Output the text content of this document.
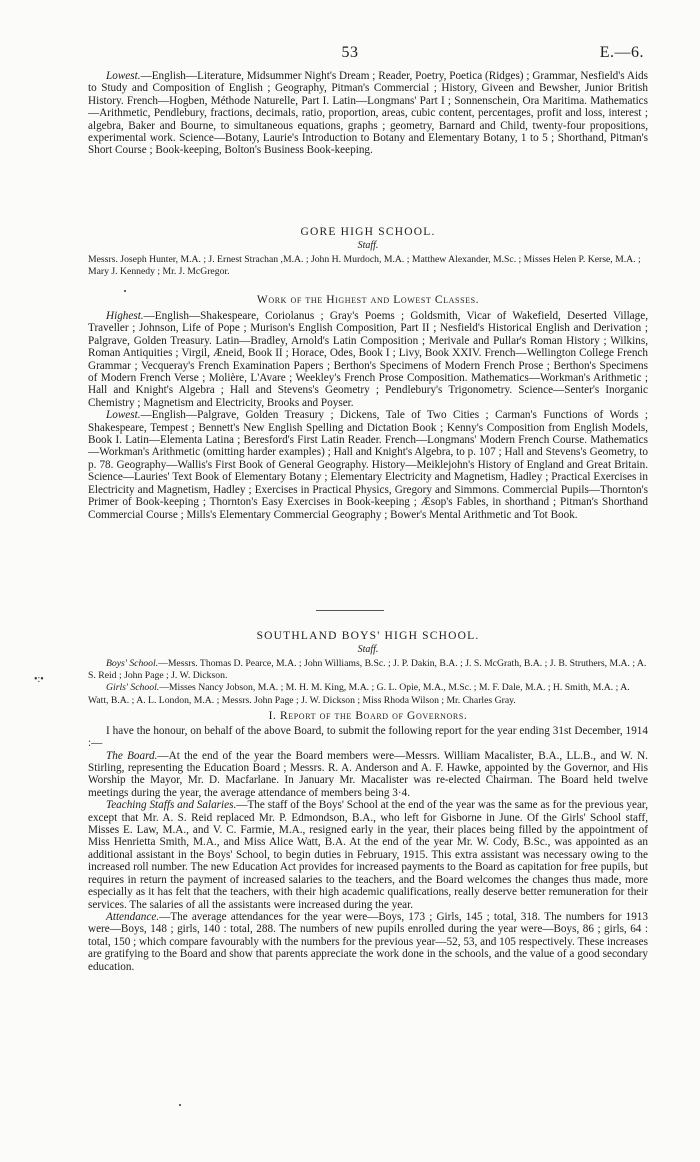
53	E.—6.

Lowest.—English—Literature, Midsummer Night's Dream ; Reader, Poetry, Poetica (Ridges) ; Grammar, Nesfield's Aids to Study and Composition of English ; Geography, Pitman's Commercial ; History, Giveen and Bewsher, Junior British History. French—Hogben, Méthode Naturelle, Part I. Latin—Longmans' Part I ; Sonnenschein, Ora Maritima. Mathematics—Arithmetic, Pendlebury, fractions, decimals, ratio, proportion, areas, cubic content, percentages, profit and loss, interest ; algebra, Baker and Bourne, to simultaneous equations, graphs ; geometry, Barnard and Child, twenty-four propositions, experimental work. Science—Botany, Laurie's Introduction to Botany and Elementary Botany, 1 to 5 ; Shorthand, Pitman's Short Course ; Book-keeping, Bolton's Business Book-keeping.

GORE HIGH SCHOOL.
Staff.

Messrs. Joseph Hunter, M.A. ; J. Ernest Strachan ,M.A. ; John H. Murdoch, M.A. ; Matthew Alexander, M.Sc. ; Misses Helen P. Kerse, M.A. ; Mary J. Kennedy ; Mr. J. McGregor.

Work of the Highest and Lowest Classes.

Highest.—English—Shakespeare, Coriolanus ; Gray's Poems ; Goldsmith, Vicar of Wakefield, Deserted Village, Traveller ; Johnson, Life of Pope ; Murison's English Composition, Part II ; Nesfield's Historical English and Derivation ; Palgrave, Golden Treasury. Latin—Bradley, Arnold's Latin Composition ; Merivale and Pullar's Roman History ; Wilkins, Roman Antiquities ; Virgil, Æneid, Book II ; Horace, Odes, Book I ; Livy, Book XXIV. French—Wellington College French Grammar ; Vecqueray's French Examination Papers ; Berthon's Specimens of Modern French Prose ; Berthon's Specimens of Modern French Verse ; Molière, L'Avare ; Weekley's French Prose Composition. Mathematics—Workman's Arithmetic ; Hall and Knight's Algebra ; Hall and Stevens's Geometry ; Pendlebury's Trigonometry. Science—Senter's Inorganic Chemistry ; Magnetism and Electricity, Brooks and Poyser.

Lowest.—English—Palgrave, Golden Treasury ; Dickens, Tale of Two Cities ; Carman's Functions of Words ; Shakespeare, Tempest ; Bennett's New English Spelling and Dictation Book ; Kenny's Composition from English Models, Book I. Latin—Elementa Latina ; Beresford's First Latin Reader. French—Longmans' Modern French Course. Mathematics—Workman's Arithmetic (omitting harder examples) ; Hall and Knight's Algebra, to p. 107 ; Hall and Stevens's Geometry, to p. 78. Geography—Wallis's First Book of General Geography. History—Meiklejohn's History of England and Great Britain. Science—Lauries' Text Book of Elementary Botany ; Elementary Electricity and Magnetism, Hadley ; Practical Exercises in Electricity and Magnetism, Hadley ; Exercises in Practical Physics, Gregory and Simmons. Commercial Pupils—Thornton's Primer of Book-keeping ; Thornton's Easy Exercises in Book-keeping ; Æsop's Fables, in shorthand ; Pitman's Shorthand Commercial Course ; Mills's Elementary Commercial Geography ; Bower's Mental Arithmetic and Tot Book.

SOUTHLAND BOYS' HIGH SCHOOL.
Staff.

Boys' School.—Messrs. Thomas D. Pearce, M.A. ; John Williams, B.Sc. ; J. P. Dakin, B.A. ; J. S. McGrath, B.A. ; J. B. Struthers, M.A. ; A. S. Reid ; John Page ; J. W. Dickson.

Girls' School.—Misses Nancy Jobson, M.A. ; M. H. M. King, M.A. ; G. L. Opie, M.A., M.Sc. ; M. F. Dale, M.A. ; H. Smith, M.A. ; A. Watt, B.A. ; A. L. London, M.A. ; Messrs. John Page ; J. W. Dickson ; Miss Rhoda Wilson ; Mr. Charles Gray.

I. Report of the Board of Governors.

I have the honour, on behalf of the above Board, to submit the following report for the year ending 31st December, 1914 :—

The Board.—At the end of the year the Board members were—Messrs. William Macalister, B.A., LL.B., and W. N. Stirling, representing the Education Board ; Messrs. R. A. Anderson and A. F. Hawke, appointed by the Governor, and His Worship the Mayor, Mr. D. Macfarlane. In January Mr. Macalister was re-elected Chairman. The Board held twelve meetings during the year, the average attendance of members being 3·4.

Teaching Staffs and Salaries.—The staff of the Boys' School at the end of the year was the same as for the previous year, except that Mr. A. S. Reid replaced Mr. P. Edmondson, B.A., who left for Gisborne in June. Of the Girls' School staff, Misses E. Law, M.A., and V. C. Farmie, M.A., resigned early in the year, their places being filled by the appointment of Miss Henrietta Smith, M.A., and Miss Alice Watt, B.A. At the end of the year Mr. W. Cody, B.Sc., was appointed as an additional assistant in the Boys' School, to begin duties in February, 1915. This extra assistant was necessary owing to the increased roll number. The new Education Act provides for increased payments to the Board as capitation for free pupils, but requires in return the payment of increased salaries to the teachers, and the Board welcomes the changes thus made, more especially as it has felt that the teachers, with their high academic qualifications, really deserve better remuneration for their services. The salaries of all the assistants were increased during the year.

Attendance.—The average attendances for the year were—Boys, 173 ; Girls, 145 ; total, 318. The numbers for 1913 were—Boys, 148 ; girls, 140 : total, 288. The numbers of new pupils enrolled during the year were—Boys, 86 ; girls, 64 : total, 150 ; which compare favourably with the numbers for the previous year—52, 53, and 105 respectively. These increases are gratifying to the Board and show that parents appreciate the work done in the schools, and the value of a good secondary education.

•:•
